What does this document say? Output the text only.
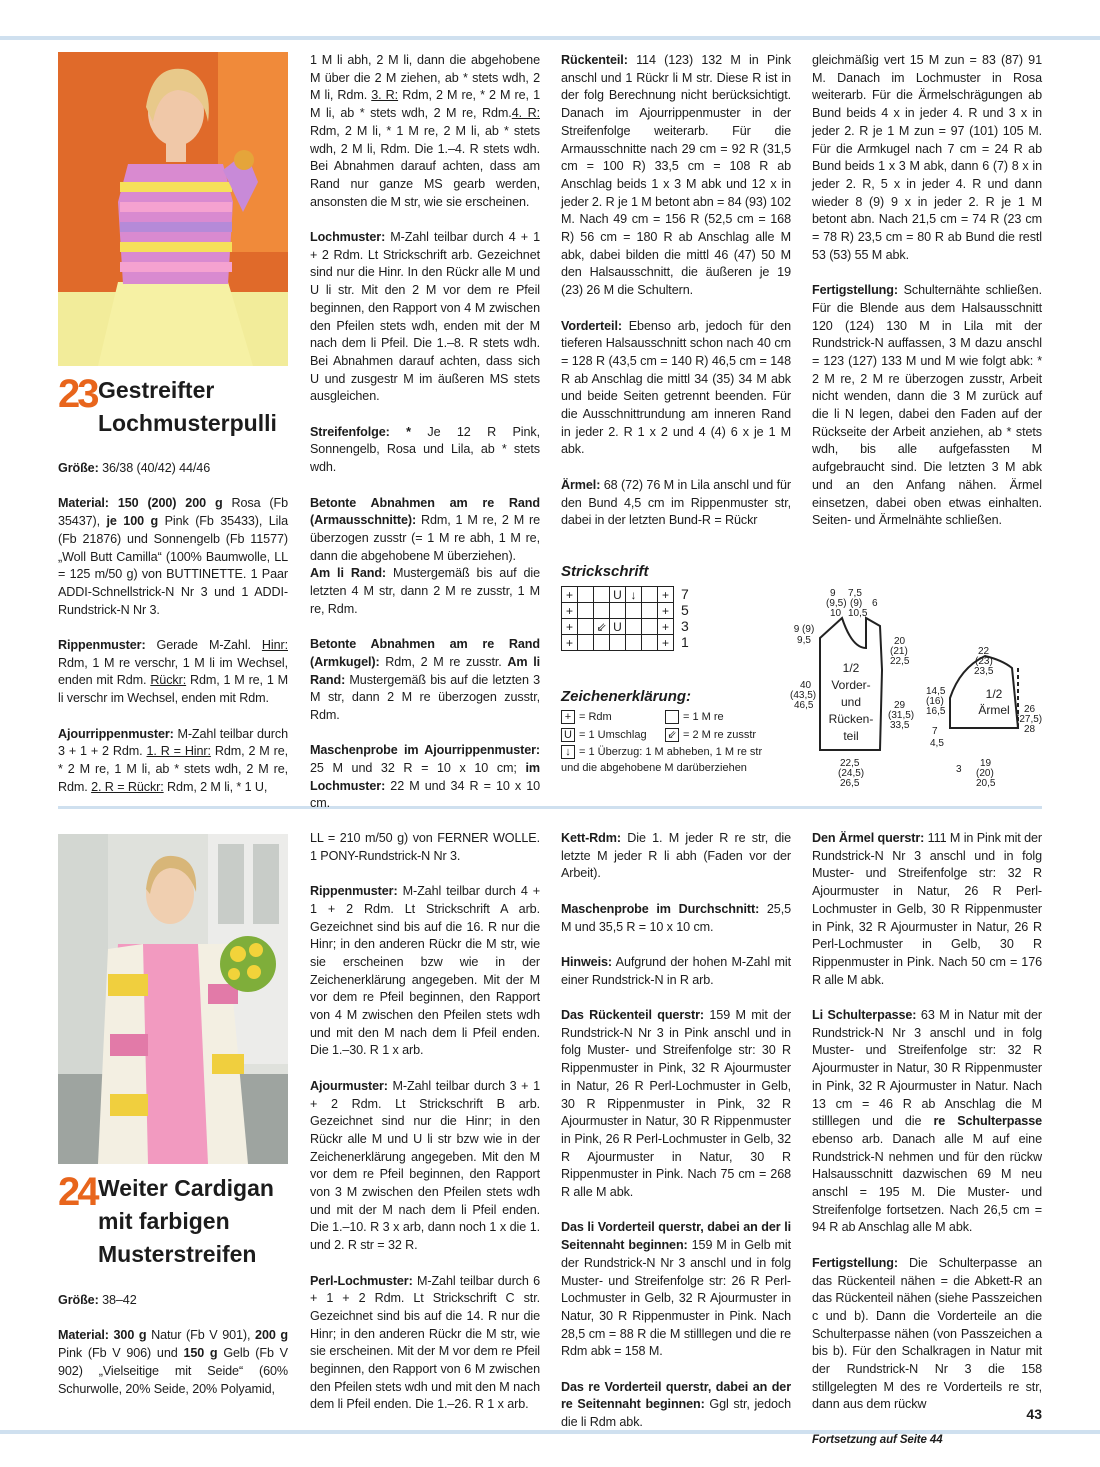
23 Gestreifter
Lochmusterpulli

Größe: 36/38 (40/42) 44/46

Material: 150 (200) 200 g Rosa (Fb 35437), je 100 g Pink (Fb 35433), Lila (Fb 21876) und Sonnengelb (Fb 11577) „Woll Butt Camilla“ (100% Baumwolle, LL = 125 m/50 g) von BUTTINETTE. 1 Paar ADDI-Schnellstrick-N Nr 3 und 1 ADDI-Rundstrick-N Nr 3.

Rippenmuster: Gerade M-Zahl. Hinr: Rdm, 1 M re verschr, 1 M li im Wechsel, enden mit Rdm. Rückr: Rdm, 1 M re, 1 M li verschr im Wechsel, enden mit Rdm.

Ajourrippenmuster: M-Zahl teilbar durch 3 + 1 + 2 Rdm. 1. R = Hinr: Rdm, 2 M re, * 2 M re, 1 M li, ab * stets wdh, 2 M re, Rdm. 2. R = Rückr: Rdm, 2 M li, * 1 U,

1 M li abh, 2 M li, dann die abgehobene M über die 2 M ziehen, ab * stets wdh, 2 M li, Rdm. 3. R: Rdm, 2 M re, * 2 M re, 1 M li, ab * stets wdh, 2 M re, Rdm.4. R: Rdm, 2 M li, * 1 M re, 2 M li, ab * stets wdh, 2 M li, Rdm. Die 1.–4. R stets wdh. Bei Abnahmen darauf achten, dass am Rand nur ganze MS gearb werden, ansonsten die M str, wie sie erscheinen.

Lochmuster: M-Zahl teilbar durch 4 + 1 + 2 Rdm. Lt Strickschrift arb. Gezeichnet sind nur die Hinr. In den Rückr alle M und U li str. Mit den 2 M vor dem re Pfeil beginnen, den Rapport von 4 M zwischen den Pfeilen stets wdh, enden mit der M nach dem li Pfeil. Die 1.–8. R stets wdh. Bei Abnahmen darauf achten, dass sich U und zusgestr M im äußeren MS stets ausgleichen.

Streifenfolge: * Je 12 R Pink, Sonnengelb, Rosa und Lila, ab * stets wdh.

Betonte Abnahmen am re Rand (Armausschnitte): Rdm, 1 M re, 2 M re überzogen zusstr (= 1 M re abh, 1 M re, dann die abgehobene M überziehen).

Am li Rand: Mustergemäß bis auf die letzten 4 M str, dann 2 M re zusstr, 1 M re, Rdm.

Betonte Abnahmen am re Rand (Armkugel): Rdm, 2 M re zusstr. Am li Rand: Mustergemäß bis auf die letzten 3 M str, dann 2 M re überzogen zusstr, Rdm.

Maschenprobe im Ajourrippenmuster: 25 M und 32 R = 10 x 10 cm; im Lochmuster: 22 M und 34 R = 10 x 10 cm.

Rückenteil: 114 (123) 132 M in Pink anschl und 1 Rückr li M str. Diese R ist in der folg Berechnung nicht berücksichtigt. Danach im Ajourrippenmuster in der Streifenfolge weiterarb. Für die Armausschnitte nach 29 cm = 92 R (31,5 cm = 100 R) 33,5 cm = 108 R ab Anschlag beids 1 x 3 M abk und 12 x in jeder 2. R je 1 M betont abn = 84 (93) 102 M. Nach 49 cm = 156 R (52,5 cm = 168 R) 56 cm = 180 R ab Anschlag alle M abk, dabei bilden die mittl 46 (47) 50 M den Halsausschnitt, die äußeren je 19 (23) 26 M die Schultern.

Vorderteil: Ebenso arb, jedoch für den tieferen Halsausschnitt schon nach 40 cm = 128 R (43,5 cm = 140 R) 46,5 cm = 148 R ab Anschlag die mittl 34 (35) 34 M abk und beide Seiten getrennt beenden. Für die Ausschnittrundung am inneren Rand in jeder 2. R 1 x 2 und 4 (4) 6 x je 1 M abk.

Ärmel: 68 (72) 76 M in Lila anschl und für den Bund 4,5 cm im Rippenmuster str, dabei in der letzten Bund-R = Rückr

gleichmäßig vert 15 M zun = 83 (87) 91 M. Danach im Lochmuster in Rosa weiterarb. Für die Ärmelschrägungen ab Bund beids 4 x in jeder 4. R und 3 x in jeder 2. R je 1 M zun = 97 (101) 105 M. Für die Armkugel nach 7 cm = 24 R ab Bund beids 1 x 3 M abk, dann 6 (7) 8 x in jeder 2. R, 5 x in jeder 4. R und dann wieder 8 (9) 9 x in jeder 2. R je 1 M betont abn. Nach 21,5 cm = 74 R (23 cm = 78 R) 23,5 cm = 80 R ab Bund die restl 53 (53) 55 M abk.

Fertigstellung: Schulternähte schließen. Für die Blende aus dem Halsausschnitt 120 (124) 130 M in Lila mit der Rundstrick-N auffassen, 3 M dazu anschl = 123 (127) 133 M und M wie folgt abk: * 2 M re, 2 M re überzogen zusstr, Arbeit nicht wenden, dann die 3 M zurück auf die li N legen, dabei den Faden auf der Rückseite der Arbeit anziehen, ab * stets wdh, bis alle aufgefassten M aufgebraucht sind. Die letzten 3 M abk und an den Anfang nähen. Ärmel einsetzen, dabei oben etwas einhalten. Seiten- und Ärmelnähte schließen.

Strickschrift
+			U	↓		+
+						+
+		⇙	U			+
+						+
7
5
3
1
Zeichenerklärung:
+ = Rdm	= 1 M re
U = 1 Umschlag ⇙ = 2 M re zusstr
↓ = 1 Überzug: 1 M abheben, 1 M re str und die abgehobene M darüberziehen
1/2 Vorder- und Rücken- teil
1/2 Ärmel
9 7,5
(9,5) (9) 6
10 10,5
9 (9) 9,5	20
(21)
22,5
40
(43,5)
46,5	29
(31,5)
33,5
22,5
(24,5)
26,5
22
(23)
23,5
14,5
(16)
16,5
7
4,5
26
(27,5)
28
3
19
(20)
20,5
24 Weiter Cardigan
mit farbigen
Musterstreifen

Größe: 38–42

Material: 300 g Natur (Fb V 901), 200 g Pink (Fb V 906) und 150 g Gelb (Fb V 902) „Vielseitige mit Seide“ (60% Schurwolle, 20% Seide, 20% Polyamid,

LL = 210 m/50 g) von FERNER WOLLE. 1 PONY-Rundstrick-N Nr 3.

Rippenmuster: M-Zahl teilbar durch 4 + 1 + 2 Rdm. Lt Strickschrift A arb. Gezeichnet sind bis auf die 16. R nur die Hinr; in den anderen Rückr die M str, wie sie erscheinen bzw wie in der Zeichenerklärung angegeben. Mit der M vor dem re Pfeil beginnen, den Rapport von 4 M zwischen den Pfeilen stets wdh und mit den M nach dem li Pfeil enden. Die 1.–30. R 1 x arb.

Ajourmuster: M-Zahl teilbar durch 3 + 1 + 2 Rdm. Lt Strickschrift B arb. Gezeichnet sind nur die Hinr; in den Rückr alle M und U li str bzw wie in der Zeichenerklärung angegeben. Mit den M vor dem re Pfeil beginnen, den Rapport von 3 M zwischen den Pfeilen stets wdh und mit der M nach dem li Pfeil enden. Die 1.–10. R 3 x arb, dann noch 1 x die 1. und 2. R str = 32 R.

Perl-Lochmuster: M-Zahl teilbar durch 6 + 1 + 2 Rdm. Lt Strickschrift C str. Gezeichnet sind bis auf die 14. R nur die Hinr; in den anderen Rückr die M str, wie sie erscheinen. Mit der M vor dem re Pfeil beginnen, den Rapport von 6 M zwischen den Pfeilen stets wdh und mit den M nach dem li Pfeil enden. Die 1.–26. R 1 x arb.

Kett-Rdm: Die 1. M jeder R re str, die letzte M jeder R li abh (Faden vor der Arbeit).

Maschenprobe im Durchschnitt: 25,5 M und 35,5 R = 10 x 10 cm.

Hinweis: Aufgrund der hohen M-Zahl mit einer Rundstrick-N in R arb.

Das Rückenteil querstr: 159 M mit der Rundstrick-N Nr 3 in Pink anschl und in folg Muster- und Streifenfolge str: 30 R Rippenmuster in Pink, 32 R Ajourmuster in Natur, 26 R Perl-Lochmuster in Gelb, 30 R Rippenmuster in Pink, 32 R Ajourmuster in Natur, 30 R Rippenmuster in Pink, 26 R Perl-Lochmuster in Gelb, 32 R Ajourmuster in Natur, 30 R Rippenmuster in Pink. Nach 75 cm = 268 R alle M abk.

Das li Vorderteil querstr, dabei an der li Seitennaht beginnen: 159 M in Gelb mit der Rundstrick-N Nr 3 anschl und in folg Muster- und Streifenfolge str: 26 R Perl-Lochmuster in Gelb, 32 R Ajourmuster in Natur, 30 R Rippenmuster in Pink. Nach 28,5 cm = 88 R die M stilllegen und die re Rdm abk = 158 M.

Das re Vorderteil querstr, dabei an der re Seitennaht beginnen: Ggl str, jedoch die li Rdm abk.

Den Ärmel querstr: 111 M in Pink mit der Rundstrick-N Nr 3 anschl und in folg Muster- und Streifenfolge str: 32 R Ajourmuster in Natur, 26 R Perl-Lochmuster in Gelb, 30 R Rippenmuster in Pink, 32 R Ajourmuster in Natur, 26 R Perl-Lochmuster in Gelb, 30 R Rippenmuster in Pink. Nach 50 cm = 176 R alle M abk.

Li Schulterpasse: 63 M in Natur mit der Rundstrick-N Nr 3 anschl und in folg Muster- und Streifenfolge str: 32 R Ajourmuster in Natur, 30 R Rippenmuster in Pink, 32 R Ajourmuster in Natur. Nach 13 cm = 46 R ab Anschlag die M stilllegen und die re Schulterpasse ebenso arb. Danach alle M auf eine Rundstrick-N nehmen und für den rückw Halsausschnitt dazwischen 69 M neu anschl = 195 M. Die Muster- und Streifenfolge fortsetzen. Nach 26,5 cm = 94 R ab Anschlag alle M abk.

Fertigstellung: Die Schulterpasse an das Rückenteil nähen = die Abkett-R an das Rückenteil nähen (siehe Passzeichen c und b). Dann die Vorderteile an die Schulterpasse nähen (von Passzeichen a bis b). Für den Schalkragen in Natur mit der Rundstrick-N Nr 3 die 158 stillgelegten M des re Vorderteils re str, dann aus dem rückw

Fortsetzung auf Seite 44

43
